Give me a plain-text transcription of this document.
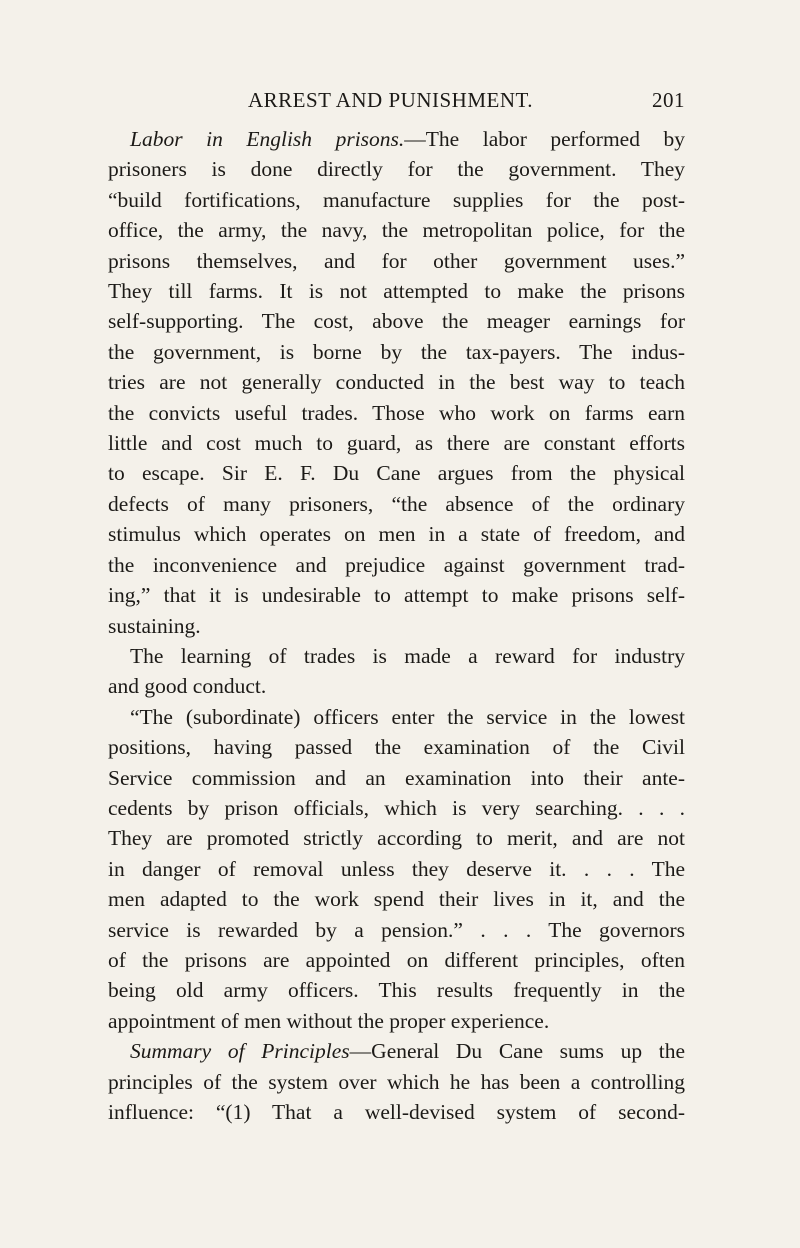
ARREST AND PUNISHMENT.	201

Labor in English prisons.—The labor performed by
prisoners is done directly for the government. They
“build fortifications, manufacture supplies for the post-
office, the army, the navy, the metropolitan police, for the
prisons themselves, and for other government uses.”
They till farms. It is not attempted to make the prisons
self-supporting. The cost, above the meager earnings for
the government, is borne by the tax-payers. The indus-
tries are not generally conducted in the best way to teach
the convicts useful trades. Those who work on farms earn
little and cost much to guard, as there are constant efforts
to escape. Sir E. F. Du Cane argues from the physical
defects of many prisoners, “the absence of the ordinary
stimulus which operates on men in a state of freedom, and
the inconvenience and prejudice against government trad-
ing,” that it is undesirable to attempt to make prisons self-
sustaining.

The learning of trades is made a reward for industry
and good conduct.

“The (subordinate) officers enter the service in the lowest
positions, having passed the examination of the Civil
Service commission and an examination into their ante-
cedents by prison officials, which is very searching. . . .
They are promoted strictly according to merit, and are not
in danger of removal unless they deserve it. . . . The
men adapted to the work spend their lives in it, and the
service is rewarded by a pension.” . . . The governors
of the prisons are appointed on different principles, often
being old army officers. This results frequently in the
appointment of men without the proper experience.

Summary of Principles—General Du Cane sums up the
principles of the system over which he has been a controlling
influence: “(1) That a well-devised system of second-
